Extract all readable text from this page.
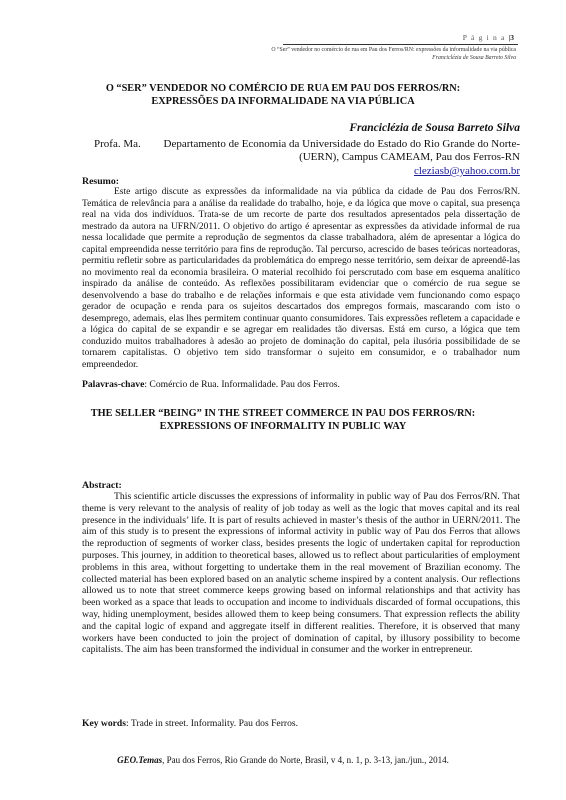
P á g i n a |3
O “Ser” vendedor no comércio de rua em Pau dos Ferros/RN: expressões da informalidade na via pública
Franciclézia de Sousa Barreto Silva
O “SER” VENDEDOR NO COMÉRCIO DE RUA EM PAU DOS FERROS/RN:
EXPRESSÕES DA INFORMALIDADE NA VIA PÚBLICA
Franciclézia de Sousa Barreto Silva
Profa. Ma.	Departamento de Economia da Universidade do Estado do Rio Grande do Norte-
(UERN), Campus CAMEAM, Pau dos Ferros-RN
cleziasb@yahoo.com.br
Resumo:
Este artigo discute as expressões da informalidade na via pública da cidade de Pau dos Ferros/RN. Temática de relevância para a análise da realidade do trabalho, hoje, e da lógica que move o capital, sua presença real na vida dos indivíduos. Trata-se de um recorte de parte dos resultados apresentados pela dissertação de mestrado da autora na UFRN/2011. O objetivo do artigo é apresentar as expressões da atividade informal de rua nessa localidade que permite a reprodução de segmentos da classe trabalhadora, além de apresentar a lógica do capital empreendida nesse território para fins de reprodução. Tal percurso, acrescido de bases teóricas norteadoras, permitiu refletir sobre as particularidades da problemática do emprego nesse território, sem deixar de apreendê-las no movimento real da economia brasileira. O material recolhido foi perscrutado com base em esquema analítico inspirado da análise de conteúdo. As reflexões possibilitaram evidenciar que o comércio de rua segue se desenvolvendo a base do trabalho e de relações informais e que esta atividade vem funcionando como espaço gerador de ocupação e renda para os sujeitos descartados dos empregos formais, mascarando com isto o desemprego, ademais, elas lhes permitem continuar quanto consumidores. Tais expressões refletem a capacidade e a lógica do capital de se expandir e se agregar em realidades tão diversas. Está em curso, a lógica que tem conduzido muitos trabalhadores à adesão ao projeto de dominação do capital, pela ilusória possibilidade de se tornarem capitalistas. O objetivo tem sido transformar o sujeito em consumidor, e o trabalhador num empreendedor.
Palavras-chave: Comércio de Rua. Informalidade. Pau dos Ferros.
THE SELLER “BEING” IN THE STREET COMMERCE IN PAU DOS FERROS/RN:
EXPRESSIONS OF INFORMALITY IN PUBLIC WAY
Abstract:
This scientific article discusses the expressions of informality in public way of Pau dos Ferros/RN. That theme is very relevant to the analysis of reality of job today as well as the logic that moves capital and its real presence in the individuals’ life. It is part of results achieved in master’s thesis of the author in UERN/2011. The aim of this study is to present the expressions of informal activity in public way of Pau dos Ferros that allows the reproduction of segments of worker class, besides presents the logic of undertaken capital for reproduction purposes. This journey, in addition to theoretical bases, allowed us to reflect about particularities of employment problems in this area, without forgetting to undertake them in the real movement of Brazilian economy. The collected material has been explored based on an analytic scheme inspired by a content analysis. Our reflections allowed us to note that street commerce keeps growing based on informal relationships and that activity has been worked as a space that leads to occupation and income to individuals discarded of formal occupations, this way, hiding unemployment, besides allowed them to keep being consumers. That expression reflects the ability and the capital logic of expand and aggregate itself in different realities. Therefore, it is observed that many workers have been conducted to join the project of domination of capital, by illusory possibility to become capitalists. The aim has been transformed the individual in consumer and the worker in entrepreneur.
Key words: Trade in street. Informality. Pau dos Ferros.
GEO.Temas, Pau dos Ferros, Rio Grande do Norte, Brasil, v 4, n. 1, p. 3-13, jan./jun., 2014.
